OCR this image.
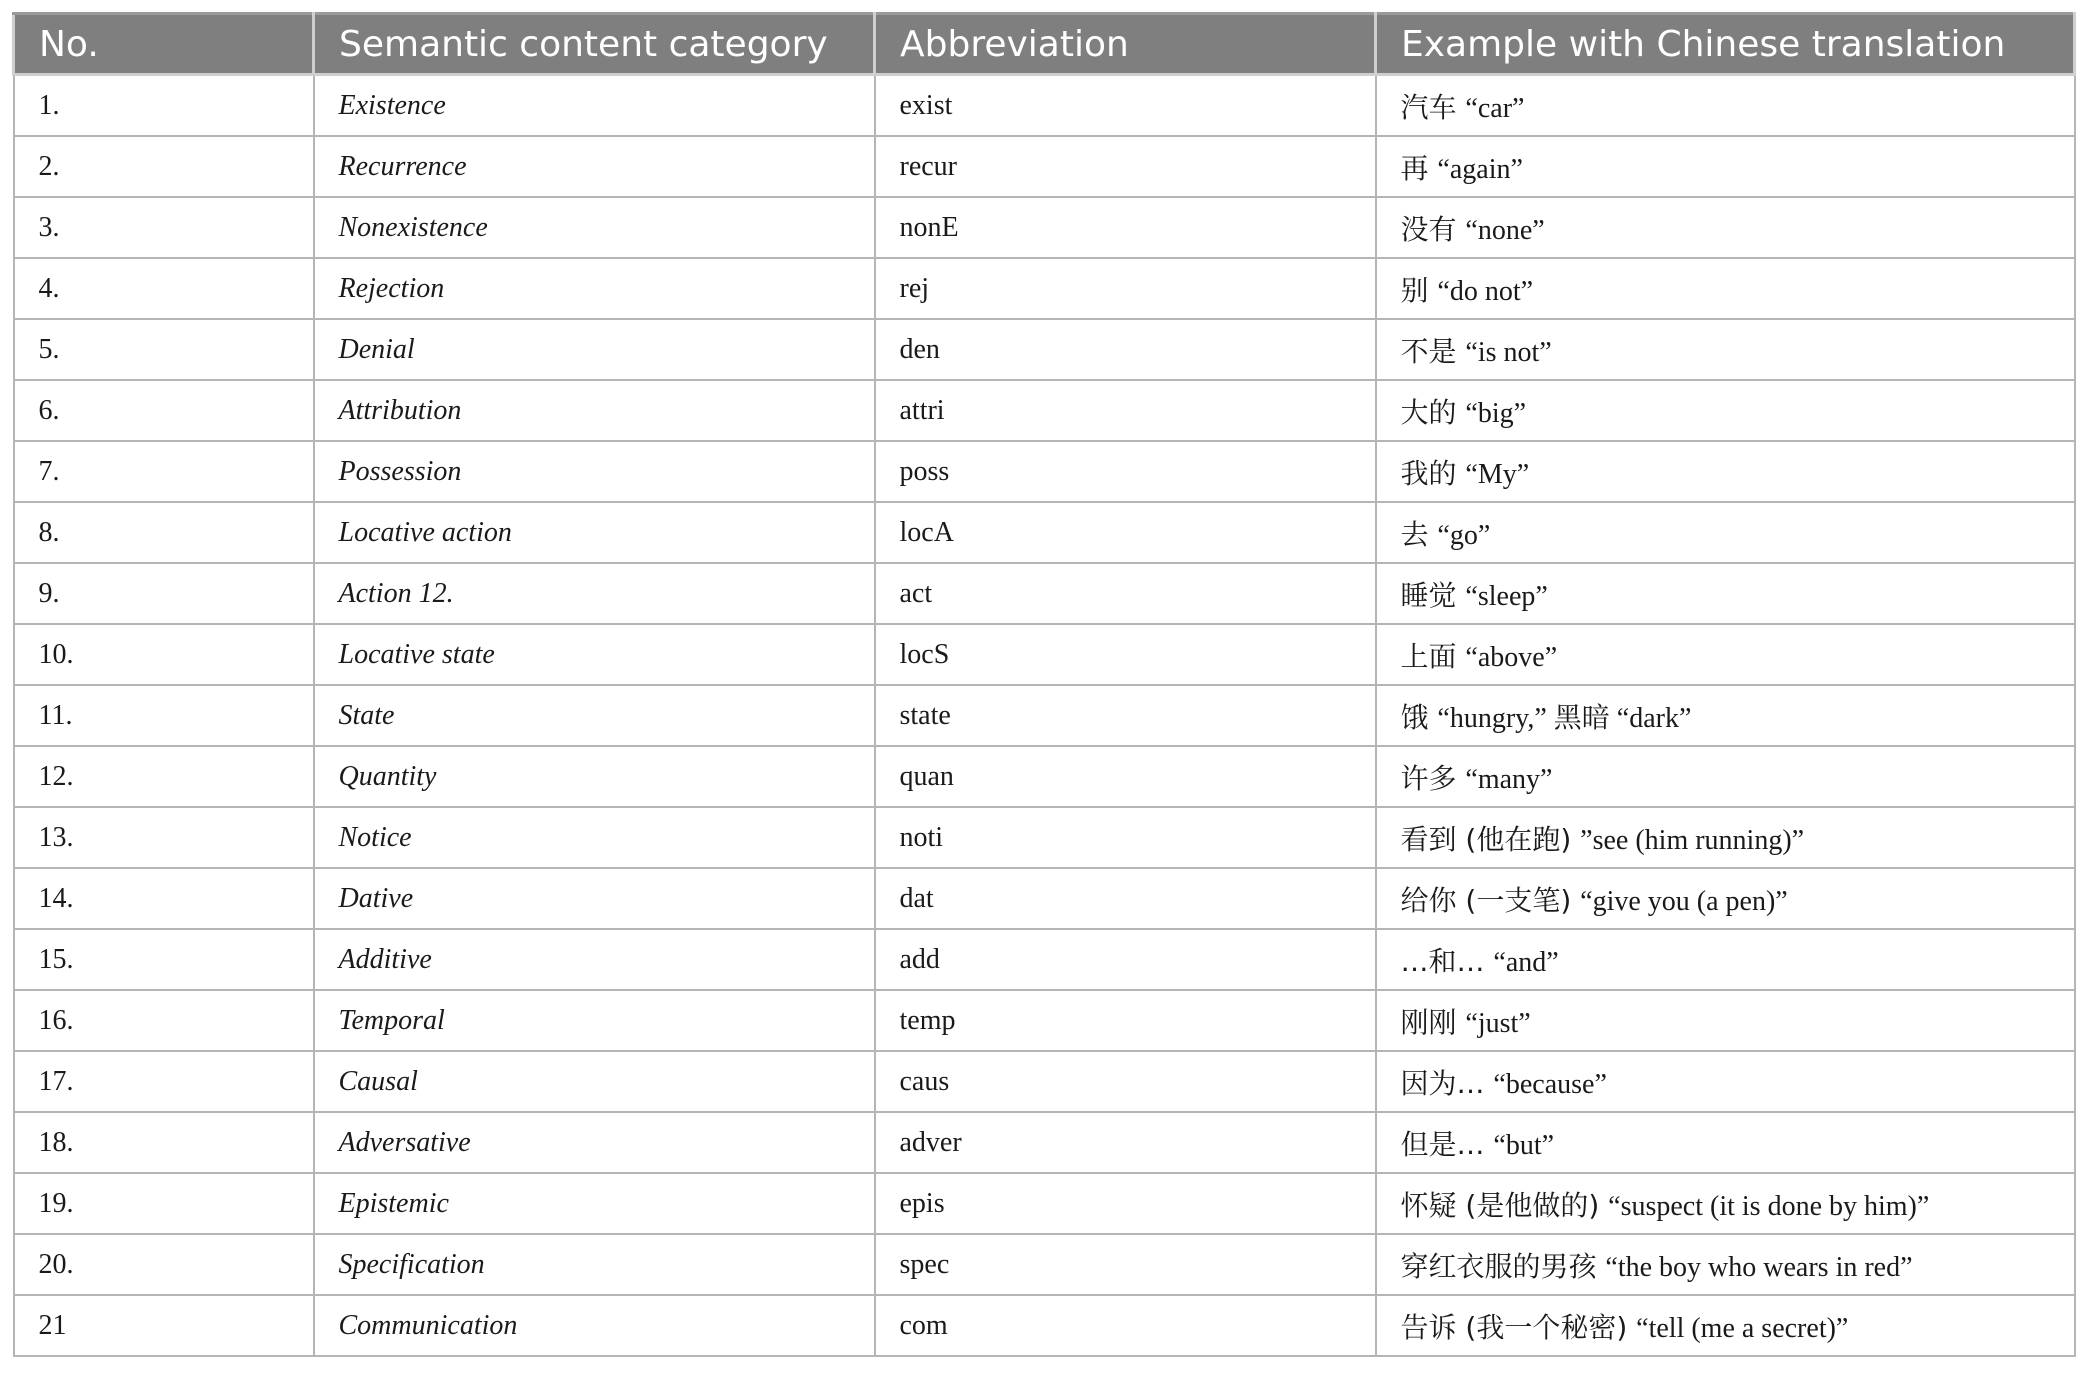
No.	Semantic content category	Abbreviation	Example with Chinese translation
1.	Existence	exist	汽车 “car”
2.	Recurrence	recur	再 “again”
3.	Nonexistence	nonE	没有 “none”
4.	Rejection	rej	别 “do not”
5.	Denial	den	不是 “is not”
6.	Attribution	attri	大的 “big”
7.	Possession	poss	我的 “My”
8.	Locative action	locA	去 “go”
9.	Action 12.	act	睡觉 “sleep”
10.	Locative state	locS	上面 “above”
11.	State	state	饿 “hungry,” 黑暗 “dark”
12.	Quantity	quan	许多 “many”
13.	Notice	noti	看到 (他在跑) ”see (him running)”
14.	Dative	dat	给你 (一支笔) “give you (a pen)”
15.	Additive	add	…和… “and”
16.	Temporal	temp	刚刚 “just”
17.	Causal	caus	因为… “because”
18.	Adversative	adver	但是… “but”
19.	Epistemic	epis	怀疑 (是他做的) “suspect (it is done by him)”
20.	Specification	spec	穿红衣服的男孩 “the boy who wears in red”
21	Communication	com	告诉 (我一个秘密) “tell (me a secret)”
